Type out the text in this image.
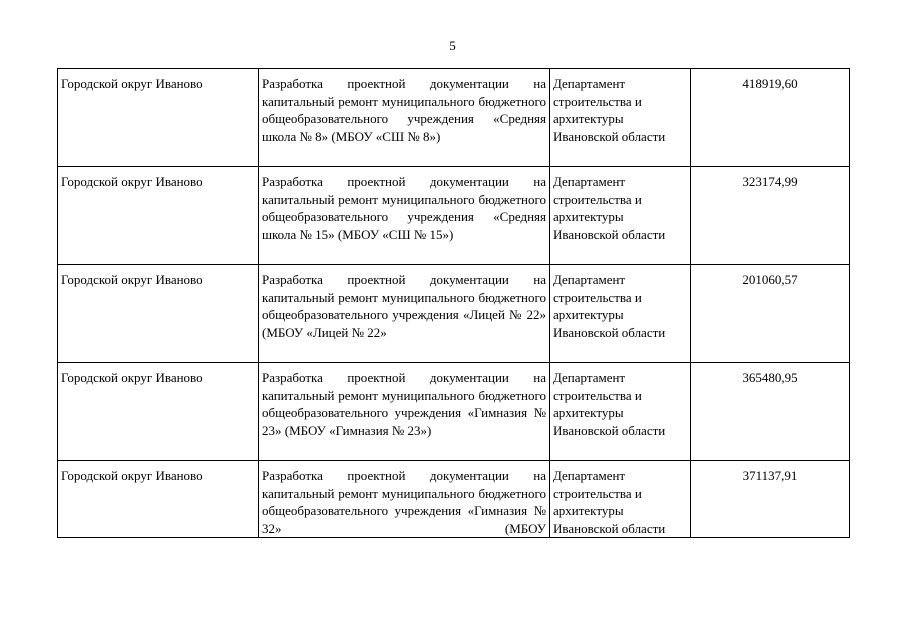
5
Городской округ Иваново	Разработка проектной документации на капитальный ремонт муниципального бюджетного общеобразовательного учреждения «Средняя школа № 8» (МБОУ «СШ № 8»)	Департамент строительства и архитектуры Ивановской области	418919,60
Городской округ Иваново	Разработка проектной документации на капитальный ремонт муниципального бюджетного общеобразовательного учреждения «Средняя школа № 15» (МБОУ «СШ № 15»)	Департамент строительства и архитектуры Ивановской области	323174,99
Городской округ Иваново	Разработка проектной документации на капитальный ремонт муниципального бюджетного общеобразовательного учреждения «Лицей № 22» (МБОУ «Лицей № 22»	Департамент строительства и архитектуры Ивановской области	201060,57
Городской округ Иваново	Разработка проектной документации на капитальный ремонт муниципального бюджетного общеобразовательного учреждения «Гимназия № 23» (МБОУ «Гимназия № 23»)	Департамент строительства и архитектуры Ивановской области	365480,95
Городской округ Иваново	Разработка проектной документации на капитальный ремонт муниципального бюджетного общеобразовательного учреждения «Гимназия № 32» (МБОУ	Департамент строительства и архитектуры Ивановской области	371137,91
